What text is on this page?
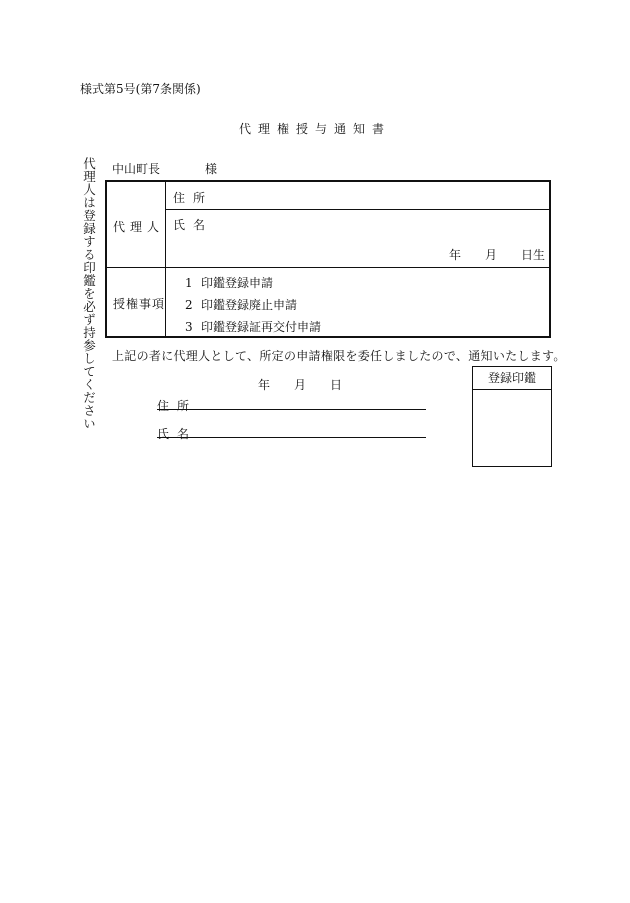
様式第5号(第7条関係)
代理権授与通知書
代理人は登録する印鑑を必ず持参してください 中山町長	様
代理人
住所
氏名
年 月 日生
授権事項
1 印鑑登録申請
2 印鑑登録廃止申請
3 印鑑登録証再交付申請
上記の者に代理人として、所定の申請権限を委任しましたので、通知いたします。
年 月 日
住所
氏名
登録印鑑
